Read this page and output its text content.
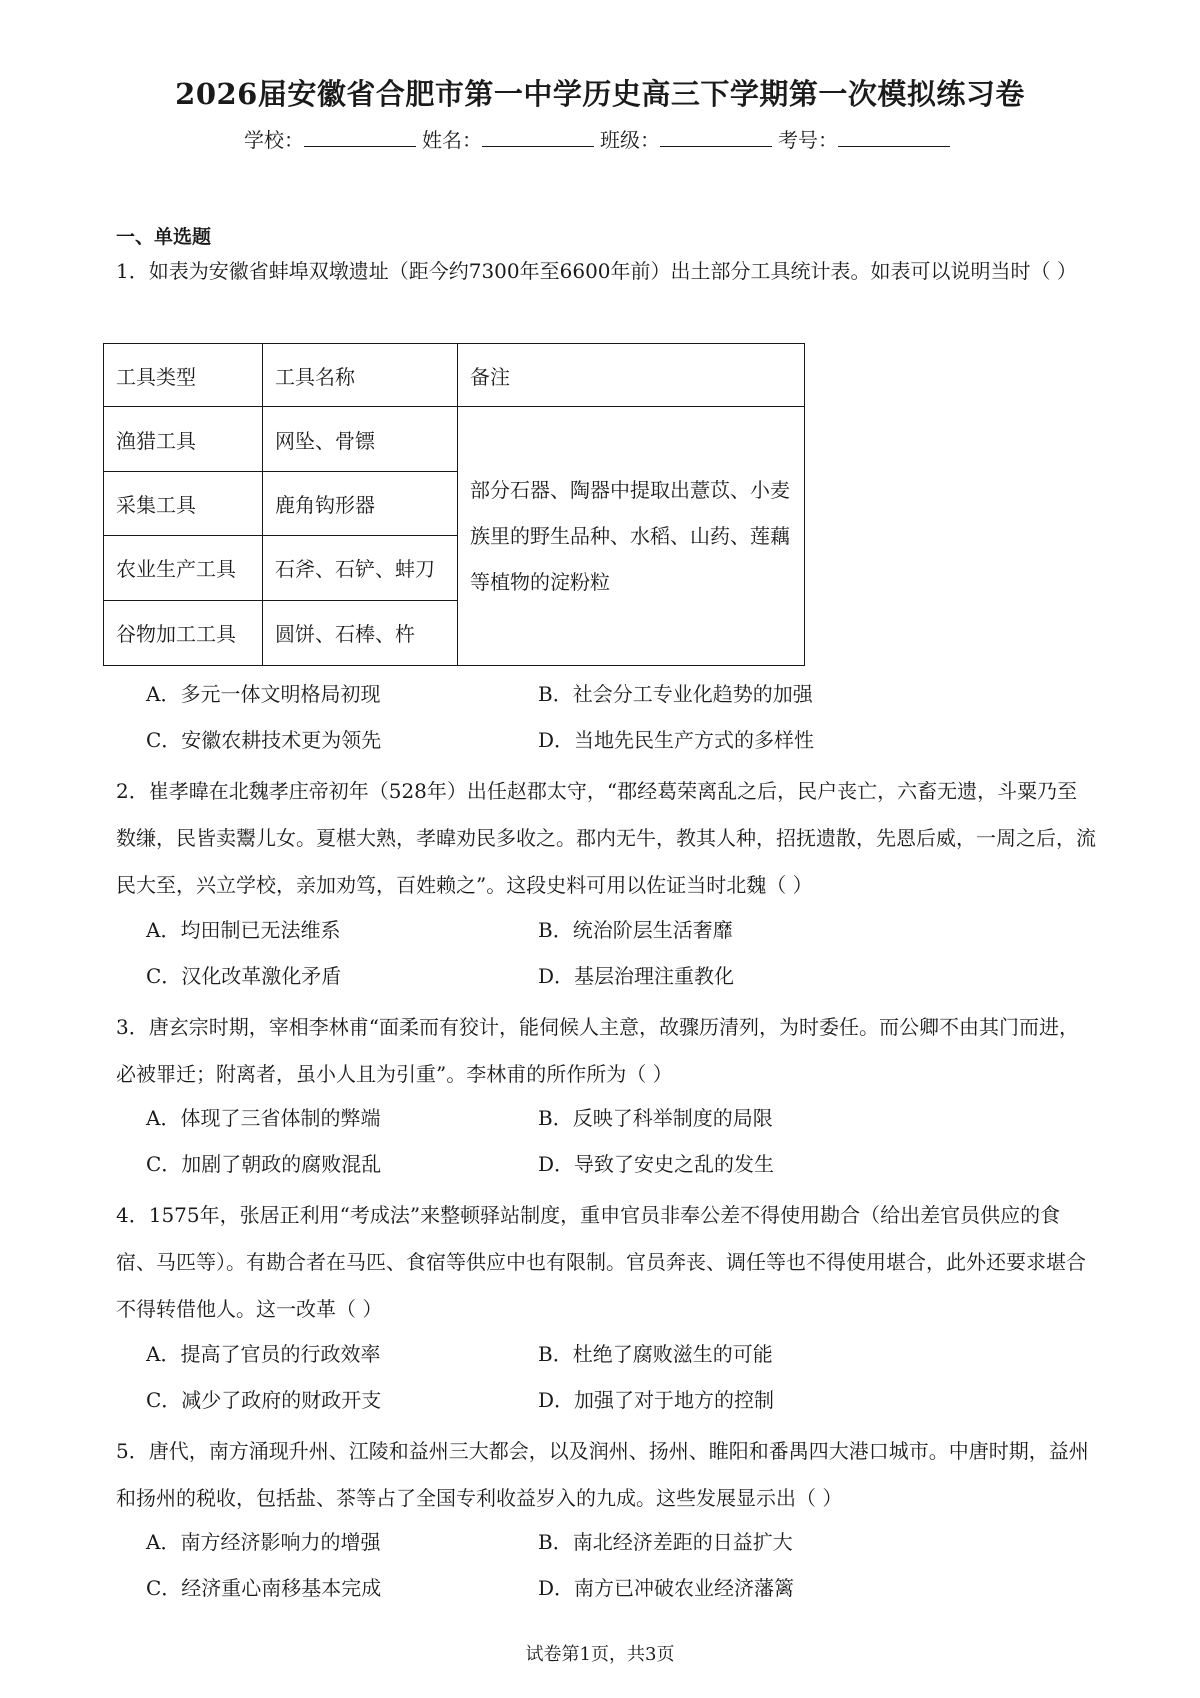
2026届安徽省合肥市第一中学历史高三下学期第一次模拟练习卷
学校：	姓名：	班级：	考号：
一、单选题
1．如表为安徽省蚌埠双墩遗址（距今约7300年至6600年前）出土部分工具统计表。如表可以说明当时（ ）
工具类型	工具名称	备注
渔猎工具	网坠、骨镖	部分石器、陶器中提取出薏苡、小麦族里的野生品种、水稻、山药、莲藕等植物的淀粉粒
采集工具	鹿角钩形器	
农业生产工具	石斧、石铲、蚌刀	
谷物加工工具	圆饼、石棒、杵	
A．多元一体文明格局初现	B．社会分工专业化趋势的加强
C．安徽农耕技术更为领先	D．当地先民生产方式的多样性
2．崔孝暐在北魏孝庄帝初年（528年）出任赵郡太守，“郡经葛荣离乱之后，民户丧亡，六畜无遗，斗粟乃至数缣，民皆卖鬻儿女。夏椹大熟，孝暐劝民多收之。郡内无牛，教其人种，招抚遗散，先恩后威，一周之后，流民大至，兴立学校，亲加劝笃，百姓赖之”。这段史料可用以佐证当时北魏（ ）
A．均田制已无法维系	B．统治阶层生活奢靡
C．汉化改革激化矛盾	D．基层治理注重教化
3．唐玄宗时期，宰相李林甫“面柔而有狡计，能伺候人主意，故骤历清列，为时委任。而公卿不由其门而进，必被罪迁；附离者，虽小人且为引重”。李林甫的所作所为（ ）
A．体现了三省体制的弊端	B．反映了科举制度的局限
C．加剧了朝政的腐败混乱	D．导致了安史之乱的发生
4．1575年，张居正利用“考成法”来整顿驿站制度，重申官员非奉公差不得使用勘合（给出差官员供应的食宿、马匹等）。有勘合者在马匹、食宿等供应中也有限制。官员奔丧、调任等也不得使用堪合，此外还要求堪合不得转借他人。这一改革（ ）
A．提高了官员的行政效率	B．杜绝了腐败滋生的可能
C．减少了政府的财政开支	D．加强了对于地方的控制
5．唐代，南方涌现升州、江陵和益州三大都会，以及润州、扬州、睢阳和番禺四大港口城市。中唐时期，益州和扬州的税收，包括盐、茶等占了全国专利收益岁入的九成。这些发展显示出（ ）
A．南方经济影响力的增强	B．南北经济差距的日益扩大
C．经济重心南移基本完成	D．南方已冲破农业经济藩篱
试卷第1页，共3页
